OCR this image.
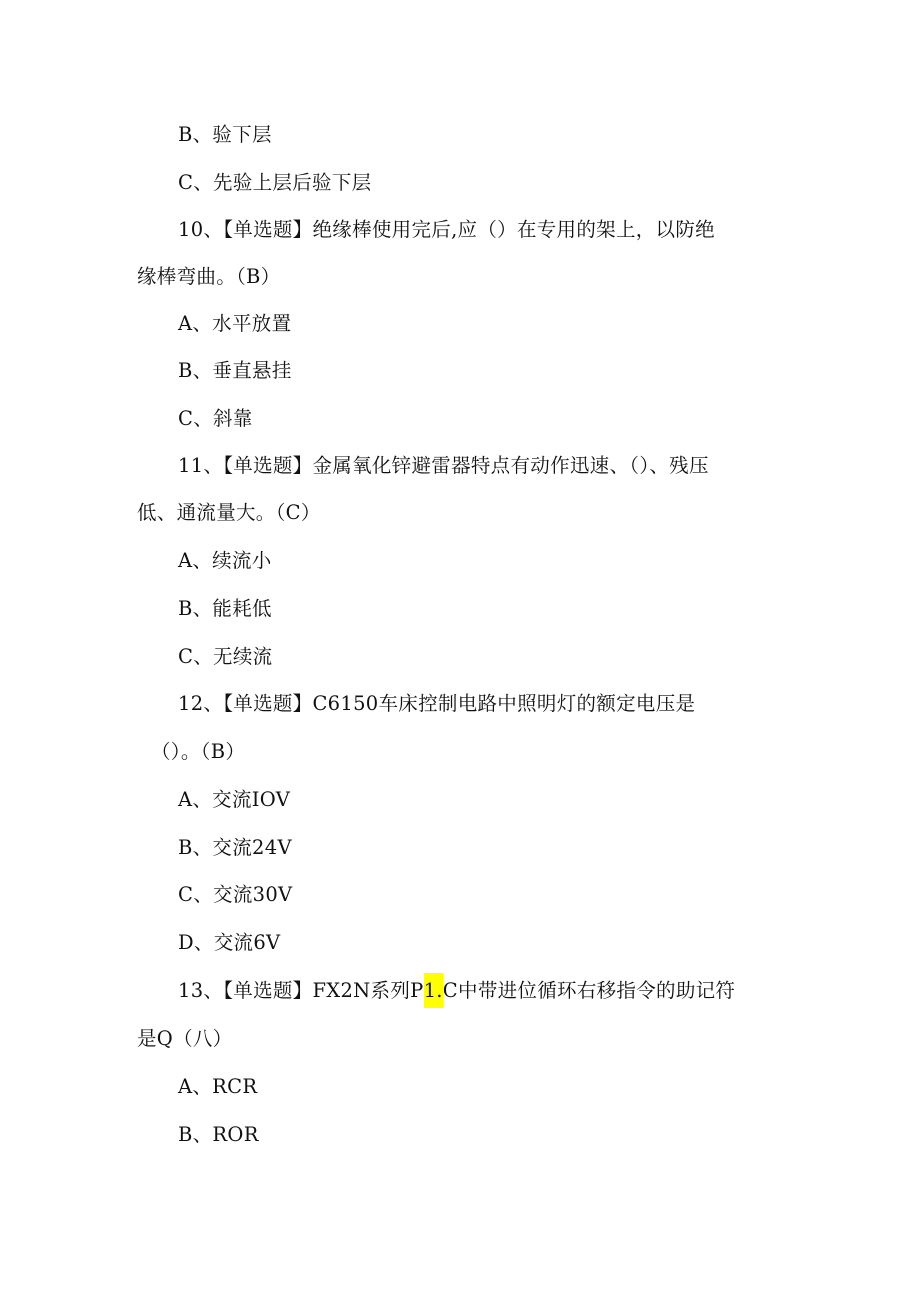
B、验下层
C、先验上层后验下层
10、【单选题】绝缘棒使用完后,应（）在专用的架上，以防绝
缘棒弯曲。（B）
A、水平放置
B、垂直悬挂
C、斜靠
11、【单选题】金属氧化锌避雷器特点有动作迅速、（）、残压
低、通流量大。（C）
A、续流小
B、能耗低
C、无续流
12、【单选题】C6150车床控制电路中照明灯的额定电压是
（）。（B）
A、交流IOV
B、交流24V
C、交流30V
D、交流6V
13、【单选题】FX2N系列P1.C中带进位循环右移指令的助记符
是Q（八）
A、RCR
B、ROR
